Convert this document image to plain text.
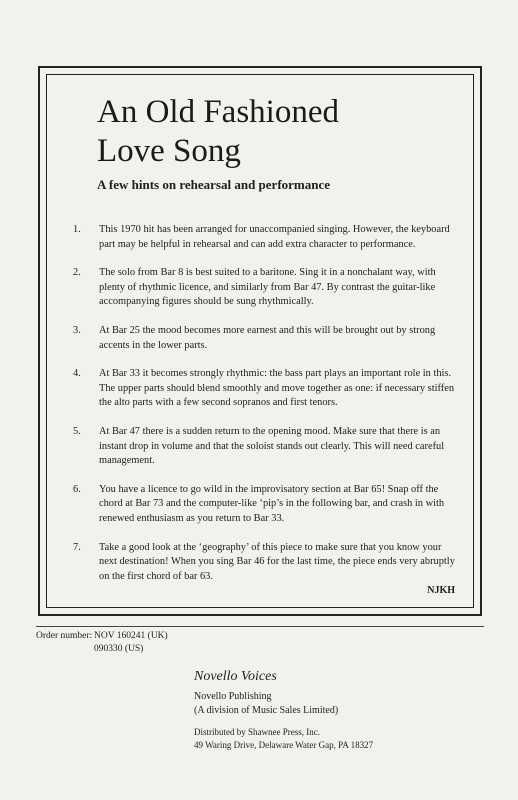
An Old Fashioned
Love Song

A few hints on rehearsal and performance

1. This 1970 hit has been arranged for unaccompanied singing. However, the keyboard part may be helpful in rehearsal and can add extra character to performance.
2. The solo from Bar 8 is best suited to a baritone. Sing it in a nonchalant way, with plenty of rhythmic licence, and similarly from Bar 47. By contrast the guitar-like accompanying figures should be sung rhythmically.
3. At Bar 25 the mood becomes more earnest and this will be brought out by strong accents in the lower parts.
4. At Bar 33 it becomes strongly rhythmic: the bass part plays an important role in this. The upper parts should blend smoothly and move together as one: if necessary stiffen the alto parts with a few second sopranos and first tenors.
5. At Bar 47 there is a sudden return to the opening mood. Make sure that there is an instant drop in volume and that the soloist stands out clearly. This will need careful management.
6. You have a licence to go wild in the improvisatory section at Bar 65! Snap off the chord at Bar 73 and the computer-like ‘pip’s in the following bar, and crash in with renewed enthusiasm as you return to Bar 33.
7. Take a good look at the ‘geography’ of this piece to make sure that you know your next destination! When you sing Bar 46 for the last time, the piece ends very abruptly on the first chord of bar 63.
NJKH
Order number: NOV 160241 (UK)
090330 (US)
Novello Voices
Novello Publishing
(A division of Music Sales Limited)
Distributed by Shawnee Press, Inc.
49 Waring Drive, Delaware Water Gap, PA 18327
